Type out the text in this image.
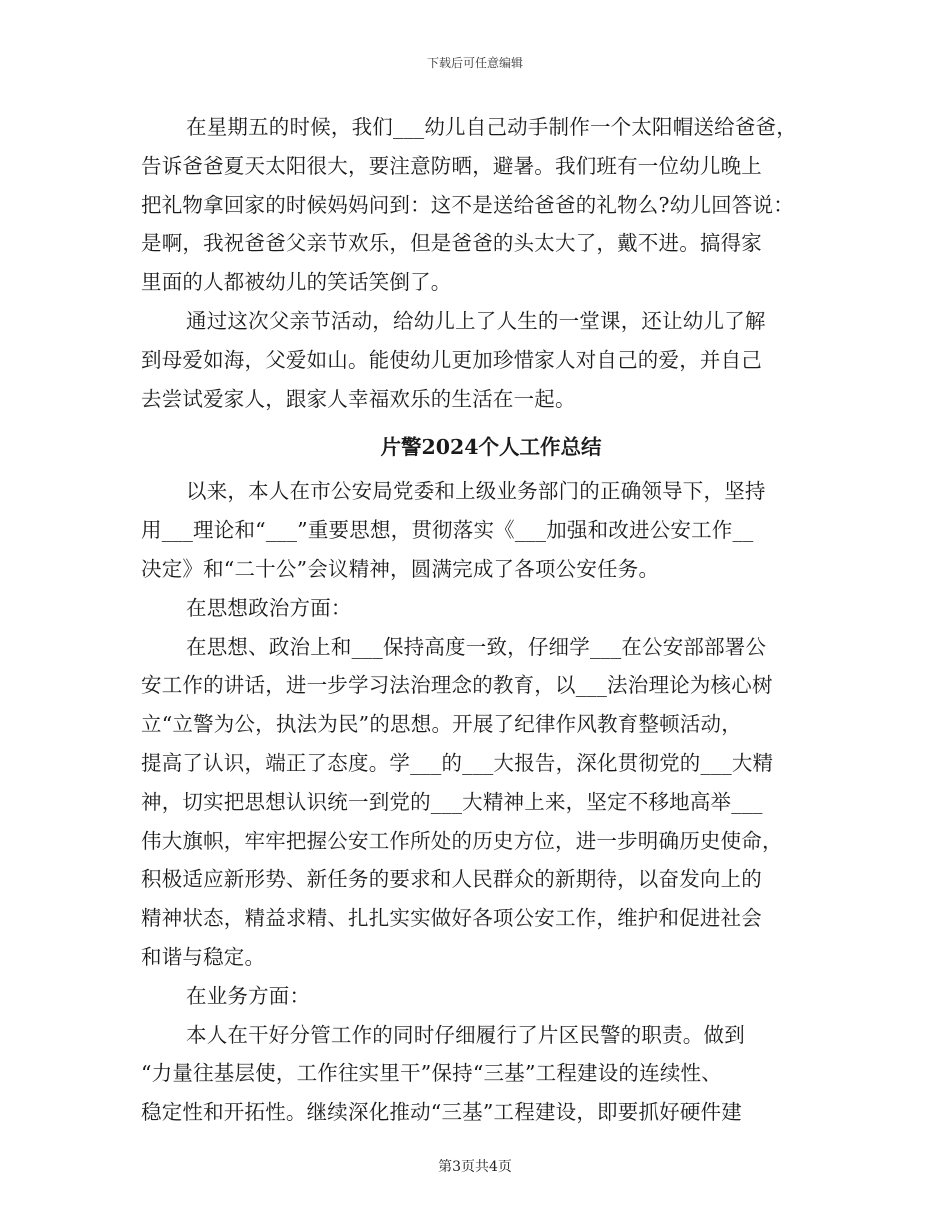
下载后可任意编辑
在星期五的时候，我们___幼儿自己动手制作一个太阳帽送给爸爸，
告诉爸爸夏天太阳很大，要注意防晒，避暑。我们班有一位幼儿晚上
把礼物拿回家的时候妈妈问到：这不是送给爸爸的礼物么?幼儿回答说：
是啊，我祝爸爸父亲节欢乐，但是爸爸的头太大了，戴不进。搞得家
里面的人都被幼儿的笑话笑倒了。
通过这次父亲节活动，给幼儿上了人生的一堂课，还让幼儿了解
到母爱如海，父爱如山。能使幼儿更加珍惜家人对自己的爱，并自己
去尝试爱家人，跟家人幸福欢乐的生活在一起。
片警2024个人工作总结
以来，本人在市公安局党委和上级业务部门的正确领导下，坚持
用___理论和“___”重要思想，贯彻落实《___加强和改进公安工作__
决定》和“二十公”会议精神，圆满完成了各项公安任务。
在思想政治方面：
在思想、政治上和___保持高度一致，仔细学___在公安部部署公
安工作的讲话，进一步学习法治理念的教育，以___法治理论为核心树
立“立警为公，执法为民”的思想。开展了纪律作风教育整顿活动，
提高了认识，端正了态度。学___的___大报告，深化贯彻党的___大精
神，切实把思想认识统一到党的___大精神上来，坚定不移地高举___
伟大旗帜，牢牢把握公安工作所处的历史方位，进一步明确历史使命，
积极适应新形势、新任务的要求和人民群众的新期待，以奋发向上的
精神状态，精益求精、扎扎实实做好各项公安工作，维护和促进社会
和谐与稳定。
在业务方面：
本人在干好分管工作的同时仔细履行了片区民警的职责。做到
“力量往基层使，工作往实里干”保持“三基”工程建设的连续性、
稳定性和开拓性。继续深化推动“三基”工程建设，即要抓好硬件建
第3页共4页
